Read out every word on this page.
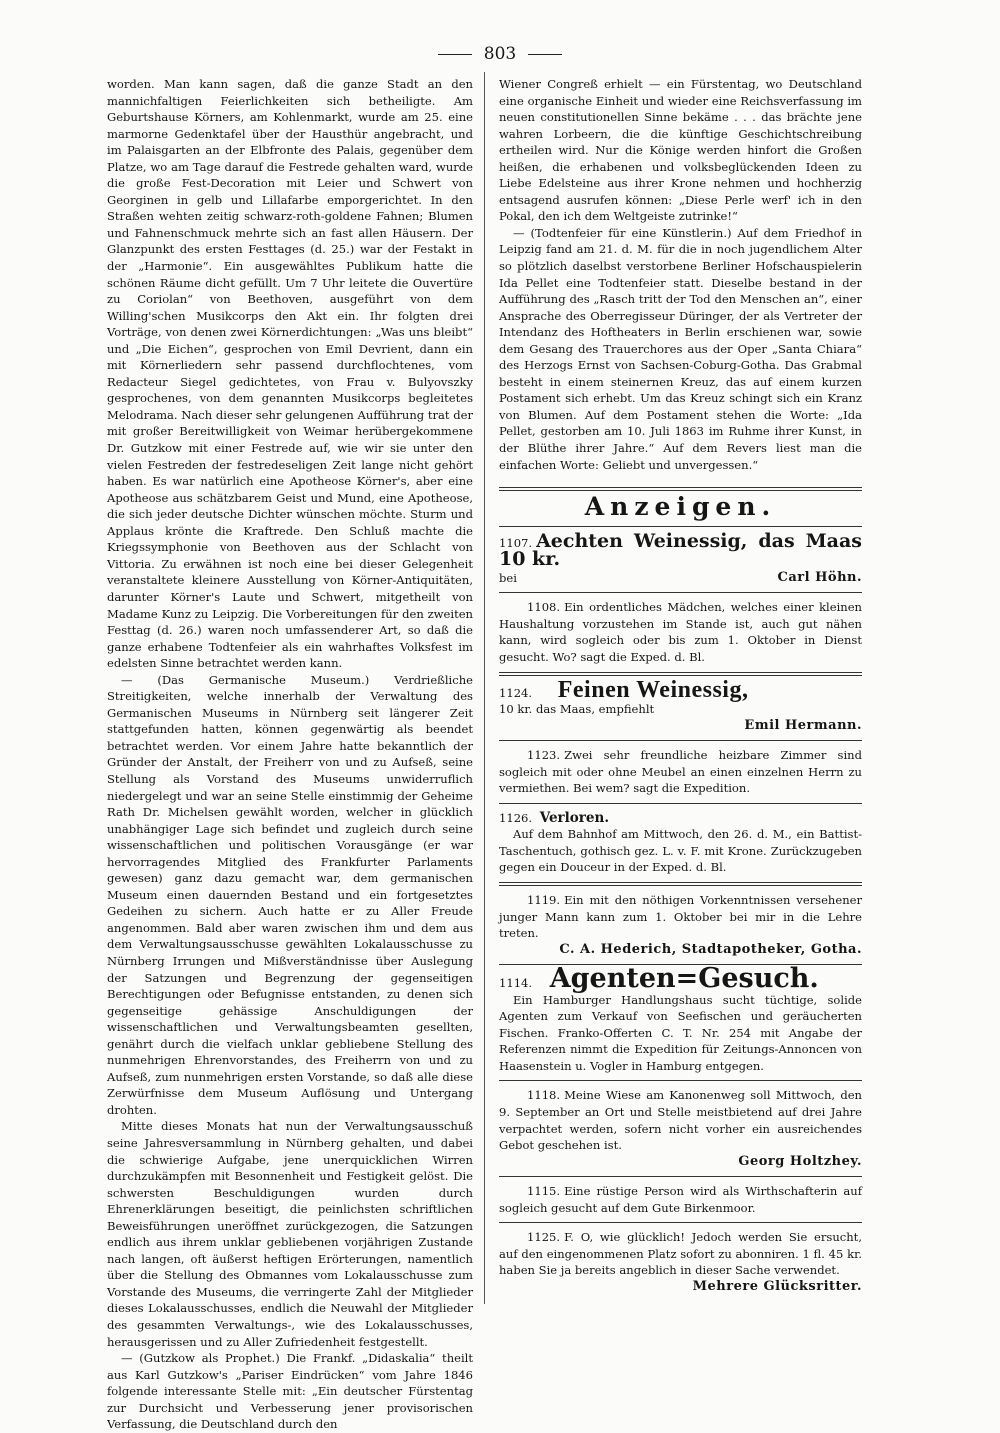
803

worden. Man kann sagen, daß die ganze Stadt an den mannichfaltigen Feierlichkeiten sich betheiligte. Am Geburtshause Körners, am Kohlenmarkt, wurde am 25. eine marmorne Gedenktafel über der Hausthür angebracht, und im Palaisgarten an der Elbfronte des Palais, gegenüber dem Platze, wo am Tage darauf die Festrede gehalten ward, wurde die große Fest-Decoration mit Leier und Schwert von Georginen in gelb und Lillafarbe emporgerichtet. In den Straßen wehten zeitig schwarz-roth-goldene Fahnen; Blumen und Fahnenschmuck mehrte sich an fast allen Häusern. Der Glanzpunkt des ersten Festtages (d. 25.) war der Festakt in der „Harmonie“. Ein ausgewähltes Publikum hatte die schönen Räume dicht gefüllt. Um 7 Uhr leitete die Ouvertüre zu Coriolan“ von Beethoven, ausgeführt von dem Willing'schen Musikcorps den Akt ein. Ihr folgten drei Vorträge, von denen zwei Körnerdichtungen: „Was uns bleibt“ und „Die Eichen“, gesprochen von Emil Devrient, dann ein mit Körnerliedern sehr passend durchflochtenes, vom Redacteur Siegel gedichtetes, von Frau v. Bulyovszky gesprochenes, von dem genannten Musikcorps begleitetes Melodrama. Nach dieser sehr gelungenen Aufführung trat der mit großer Bereitwilligkeit von Weimar herübergekommene Dr. Gutzkow mit einer Festrede auf, wie wir sie unter den vielen Festreden der festredeseligen Zeit lange nicht gehört haben. Es war natürlich eine Apotheose Körner's, aber eine Apotheose aus schätzbarem Geist und Mund, eine Apotheose, die sich jeder deutsche Dichter wünschen möchte. Sturm und Applaus krönte die Kraftrede. Den Schluß machte die Kriegssymphonie von Beethoven aus der Schlacht von Vittoria. Zu erwähnen ist noch eine bei dieser Gelegenheit veranstaltete kleinere Ausstellung von Körner-Antiquitäten, darunter Körner's Laute und Schwert, mitgetheilt von Madame Kunz zu Leipzig. Die Vorbereitungen für den zweiten Festtag (d. 26.) waren noch umfassenderer Art, so daß die ganze erhabene Todtenfeier als ein wahrhaftes Volksfest im edelsten Sinne betrachtet werden kann.

— (Das Germanische Museum.) Verdrießliche Streitigkeiten, welche innerhalb der Verwaltung des Germanischen Museums in Nürnberg seit längerer Zeit stattgefunden hatten, können gegenwärtig als beendet betrachtet werden. Vor einem Jahre hatte bekanntlich der Gründer der Anstalt, der Freiherr von und zu Aufseß, seine Stellung als Vorstand des Museums unwiderruflich niedergelegt und war an seine Stelle einstimmig der Geheime Rath Dr. Michelsen gewählt worden, welcher in glücklich unabhängiger Lage sich befindet und zugleich durch seine wissenschaftlichen und politischen Vorausgänge (er war hervorragendes Mitglied des Frankfurter Parlaments gewesen) ganz dazu gemacht war, dem germanischen Museum einen dauernden Bestand und ein fortgesetztes Gedeihen zu sichern. Auch hatte er zu Aller Freude angenommen. Bald aber waren zwischen ihm und dem aus dem Verwaltungsausschusse gewählten Lokalausschusse zu Nürnberg Irrungen und Mißverständnisse über Auslegung der Satzungen und Begrenzung der gegenseitigen Berechtigungen oder Befugnisse entstanden, zu denen sich gegenseitige gehässige Anschuldigungen der wissenschaftlichen und Verwaltungsbeamten gesellten, genährt durch die vielfach unklar gebliebene Stellung des nunmehrigen Ehrenvorstandes, des Freiherrn von und zu Aufseß, zum nunmehrigen ersten Vorstande, so daß alle diese Zerwürfnisse dem Museum Auflösung und Untergang drohten.

Mitte dieses Monats hat nun der Verwaltungsausschuß seine Jahresversammlung in Nürnberg gehalten, und dabei die schwierige Aufgabe, jene unerquicklichen Wirren durchzukämpfen mit Besonnenheit und Festigkeit gelöst. Die schwersten Beschuldigungen wurden durch Ehrenerklärungen beseitigt, die peinlichsten schriftlichen Beweisführungen uneröffnet zurückgezogen, die Satzungen endlich aus ihrem unklar gebliebenen vorjährigen Zustande nach langen, oft äußerst heftigen Erörterungen, namentlich über die Stellung des Obmannes vom Lokalausschusse zum Vorstande des Museums, die verringerte Zahl der Mitglieder dieses Lokalausschusses, endlich die Neuwahl der Mitglieder des gesammten Verwaltungs-, wie des Lokalausschusses, herausgerissen und zu Aller Zufriedenheit festgestellt.

— (Gutzkow als Prophet.) Die Frankf. „Didaskalia“ theilt aus Karl Gutzkow's „Pariser Eindrücken“ vom Jahre 1846 folgende interessante Stelle mit: „Ein deutscher Fürstentag zur Durchsicht und Verbesserung jener provisorischen Verfassung, die Deutschland durch den

Wiener Congreß erhielt — ein Fürstentag, wo Deutschland eine organische Einheit und wieder eine Reichsverfassung im neuen constitutionellen Sinne bekäme . . . das brächte jene wahren Lorbeern, die die künftige Geschichtschreibung ertheilen wird. Nur die Könige werden hinfort die Großen heißen, die erhabenen und volksbeglückenden Ideen zu Liebe Edelsteine aus ihrer Krone nehmen und hochherzig entsagend ausrufen können: „Diese Perle werf' ich in den Pokal, den ich dem Weltgeiste zutrinke!“

— (Todtenfeier für eine Künstlerin.) Auf dem Friedhof in Leipzig fand am 21. d. M. für die in noch jugendlichem Alter so plötzlich daselbst verstorbene Berliner Hofschauspielerin Ida Pellet eine Todtenfeier statt. Dieselbe bestand in der Aufführung des „Rasch tritt der Tod den Menschen an“, einer Ansprache des Oberregisseur Düringer, der als Vertreter der Intendanz des Hoftheaters in Berlin erschienen war, sowie dem Gesang des Trauerchores aus der Oper „Santa Chiara“ des Herzogs Ernst von Sachsen-Coburg-Gotha. Das Grabmal besteht in einem steinernen Kreuz, das auf einem kurzen Postament sich erhebt. Um das Kreuz schingt sich ein Kranz von Blumen. Auf dem Postament stehen die Worte: „Ida Pellet, gestorben am 10. Juli 1863 im Ruhme ihrer Kunst, in der Blüthe ihrer Jahre.“ Auf dem Revers liest man die einfachen Worte: Geliebt und unvergessen.“

Anzeigen.
1107. Aechten Weinessig, das Maas 10 kr.
bei	Carl Höhn.

1108. Ein ordentliches Mädchen, welches einer kleinen Haushaltung vorzustehen im Stande ist, auch gut nähen kann, wird sogleich oder bis zum 1. Oktober in Dienst gesucht. Wo? sagt die Exped. d. Bl.

1124. Feinen Weinessig,
10 kr. das Maas, empfiehlt
Emil Hermann.

1123. Zwei sehr freundliche heizbare Zimmer sind sogleich mit oder ohne Meubel an einen einzelnen Herrn zu vermiethen. Bei wem? sagt die Expedition.

1126. Verloren.

Auf dem Bahnhof am Mittwoch, den 26. d. M., ein Battist-Taschentuch, gothisch gez. L. v. F. mit Krone. Zurückzugeben gegen ein Douceur in der Exped. d. Bl.

1119. Ein mit den nöthigen Vorkenntnissen versehener junger Mann kann zum 1. Oktober bei mir in die Lehre treten.

C. A. Hederich, Stadtapotheker, Gotha.
1114. Agenten=Gesuch.

Ein Hamburger Handlungshaus sucht tüchtige, solide Agenten zum Verkauf von Seefischen und geräucherten Fischen. Franko-Offerten C. T. Nr. 254 mit Angabe der Referenzen nimmt die Expedition für Zeitungs-Annoncen von Haasenstein u. Vogler in Hamburg entgegen.

1118. Meine Wiese am Kanonenweg soll Mittwoch, den 9. September an Ort und Stelle meistbietend auf drei Jahre verpachtet werden, sofern nicht vorher ein ausreichendes Gebot geschehen ist.

Georg Holtzhey.

1115. Eine rüstige Person wird als Wirthschafterin auf sogleich gesucht auf dem Gute Birkenmoor.

1125. F. O, wie glücklich! Jedoch werden Sie ersucht, auf den eingenommenen Platz sofort zu abonniren. 1 fl. 45 kr. haben Sie ja bereits angeblich in dieser Sache verwendet.

Mehrere Glücksritter.
